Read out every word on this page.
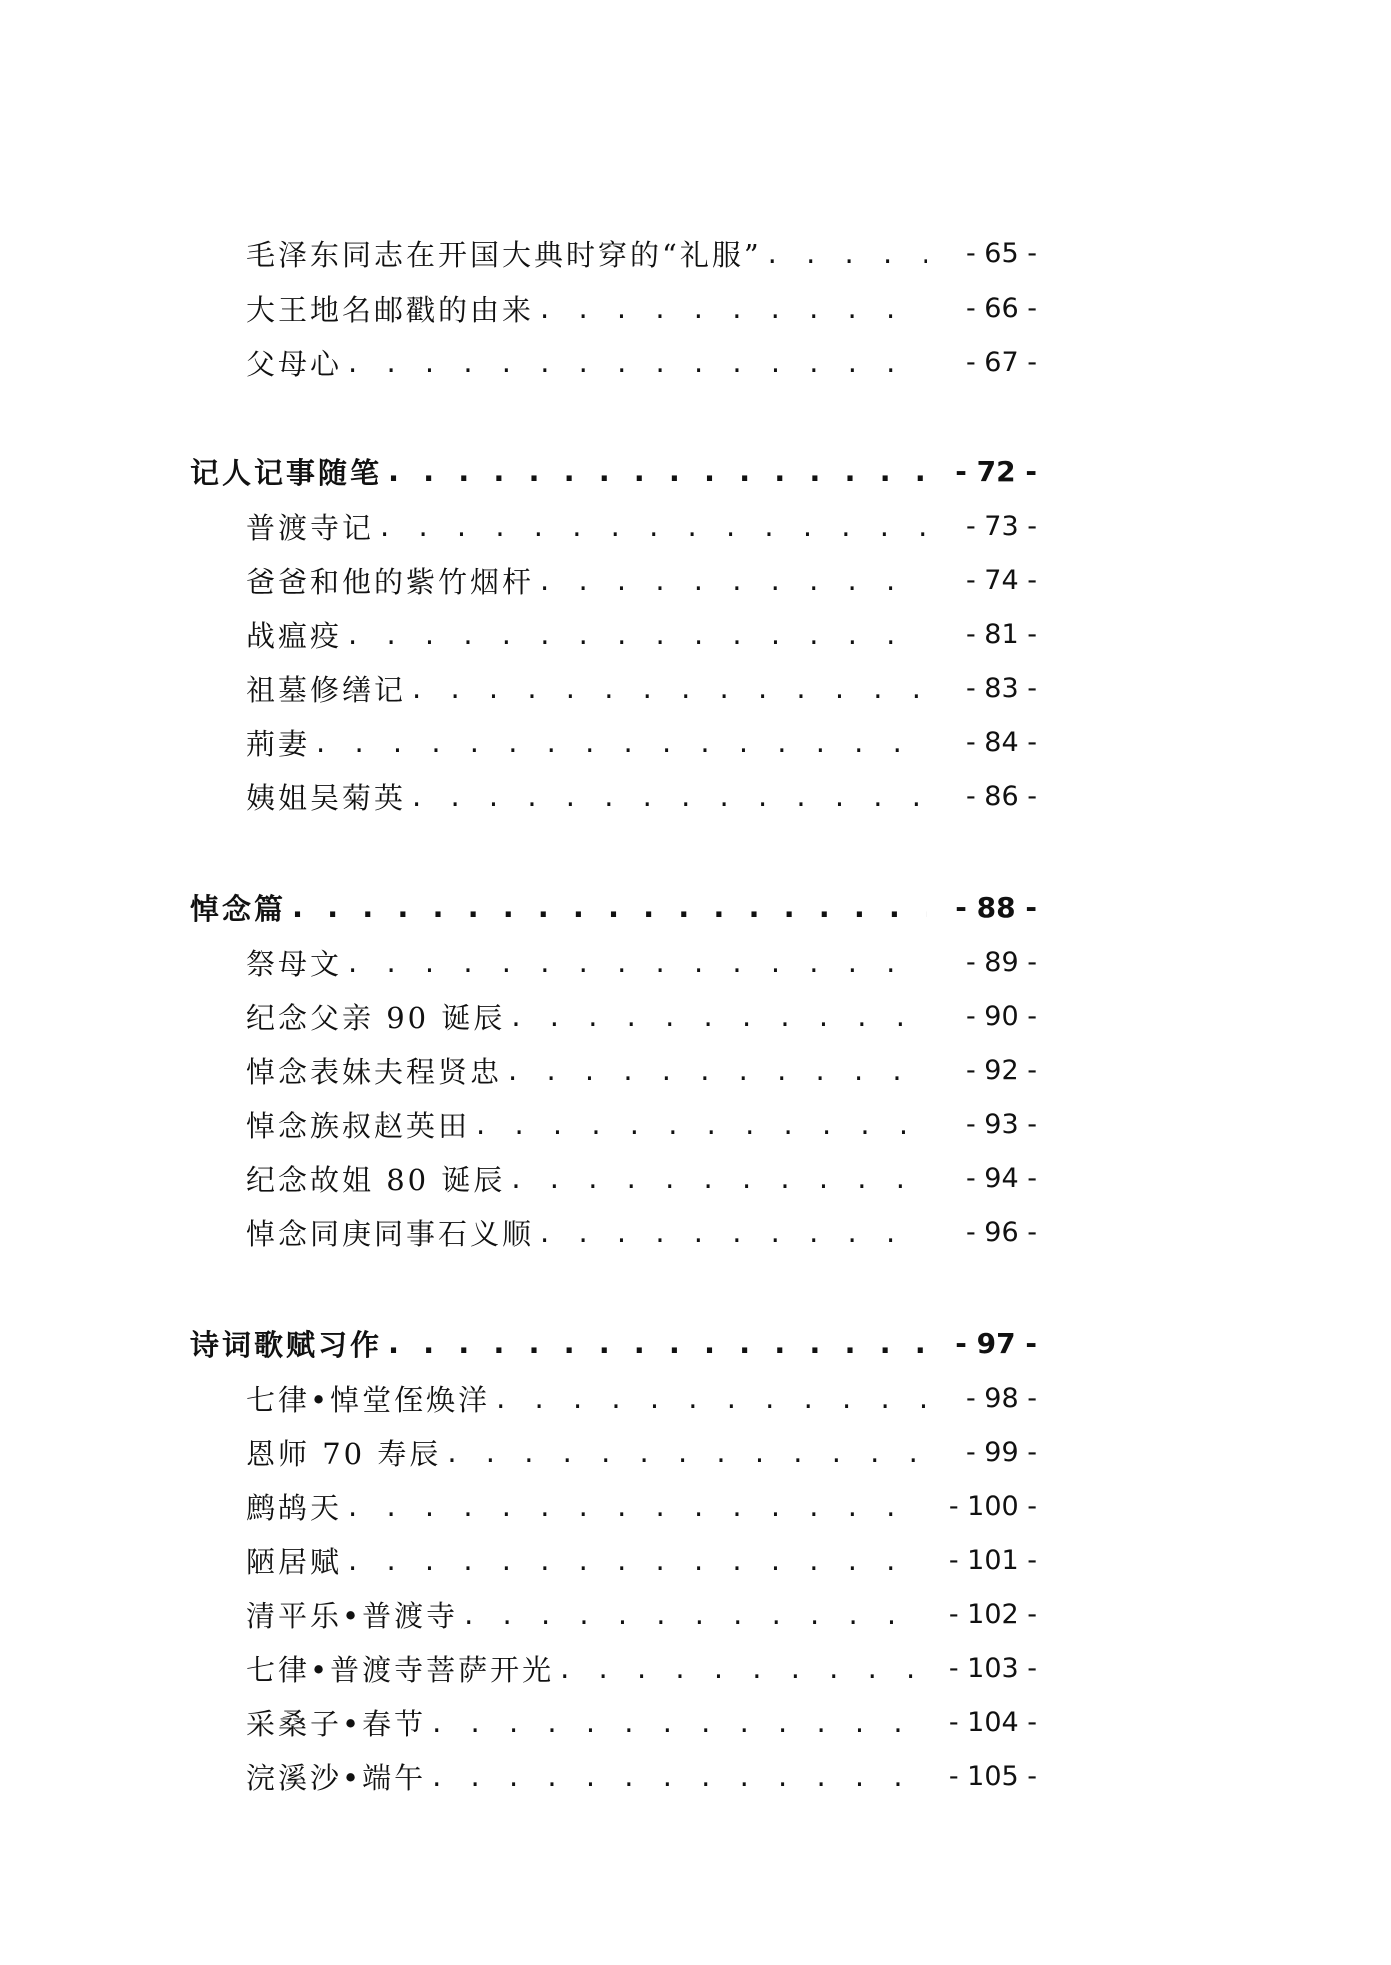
毛泽东同志在开国大典时穿的“礼服” . . .	- 65 -
大王地名邮戳的由来 . . .	- 66 -
父母心 . . .	- 67 -
记人记事随笔 . . .	- 72 -
普渡寺记 . . .	- 73 -
爸爸和他的紫竹烟杆 . . .	- 74 -
战瘟疫 . . .	- 81 -
祖墓修缮记 . . .	- 83 -
荊妻 . . .	- 84 -
姨姐吴菊英 . . .	- 86 -
悼念篇 . . .	- 88 -
祭母文 . . .	- 89 -
纪念父亲 90 诞辰 . . .	- 90 -
悼念表妹夫程贤忠 . . .	- 92 -
悼念族叔赵英田 . . .	- 93 -
纪念故姐 80 诞辰 . . .	- 94 -
悼念同庚同事石义顺 . . .	- 96 -
诗词歌赋习作 . . .	- 97 -
七律•悼堂侄焕洋 . . .	- 98 -
恩师 70 寿辰 . . .	- 99 -
鹧鸪天 . . .	- 100 -
陋居赋 . . .	- 101 -
清平乐•普渡寺 . . .	- 102 -
七律•普渡寺菩萨开光 . . .	- 103 -
采桑子•春节 . . .	- 104 -
浣溪沙•端午 . . .	- 105 -
